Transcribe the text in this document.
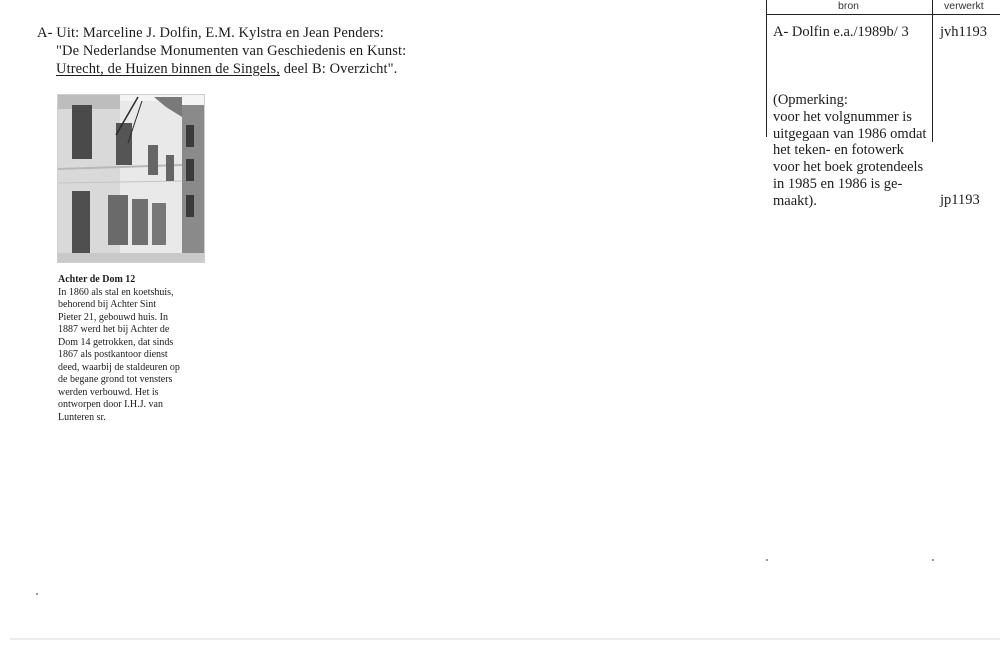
bron	verwerkt
A- Uit: Marceline J. Dolfin, E.M. Kylstra en Jean Penders:
"De Nederlandse Monumenten van Geschiedenis en Kunst:
Utrecht, de Huizen binnen de Singels, deel B: Overzicht".
Achter de Dom 12
In 1860 als stal en koetshuis,
behorend bij Achter Sint
Pieter 21, gebouwd huis. In
1887 werd het bij Achter de
Dom 14 getrokken, dat sinds
1867 als postkantoor dienst
deed, waarbij de staldeuren op
de begane grond tot vensters
werden verbouwd. Het is
ontworpen door I.H.J. van
Lunteren sr.
A- Dolfin e.a./1989b/ 3
(Opmerking:
voor het volgnummer is
uitgegaan van 1986 omdat
het teken- en fotowerk
voor het boek grotendeels
in 1985 en 1986 is ge-
maakt).
jvh1193
jp1193
